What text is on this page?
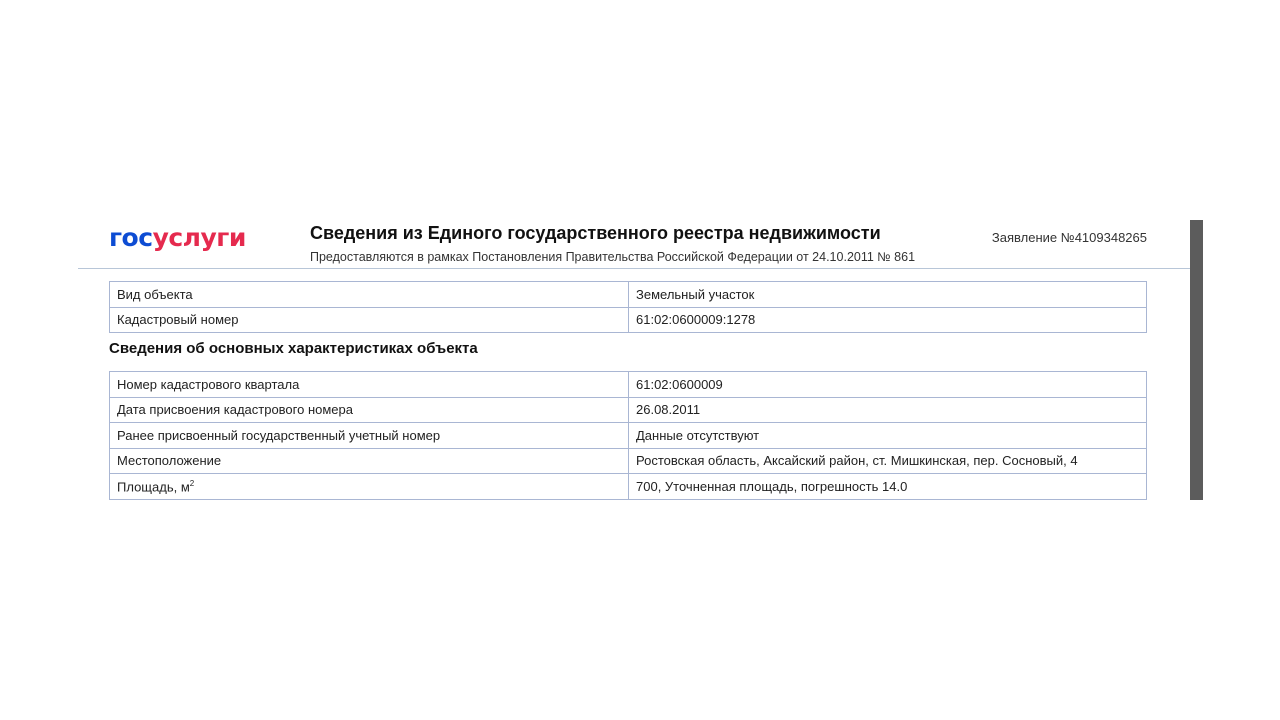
госуслуги	Сведения из Единого государственного реестра недвижимости
Предоставляются в рамках Постановления Правительства Российской Федерации от 24.10.2011 № 861
Заявление №4109348265
Вид объекта	Земельный участок
Кадастровый номер	61:02:0600009:1278
Сведения об основных характеристиках объекта
Номер кадастрового квартала	61:02:0600009
Дата присвоения кадастрового номера	26.08.2011
Ранее присвоенный государственный учетный номер	Данные отсутствуют
Местоположение	Ростовская область, Аксайский район, ст. Мишкинская, пер. Сосновый, 4
Площадь, $м^2$	700, Уточненная площадь, погрешность 14.0
